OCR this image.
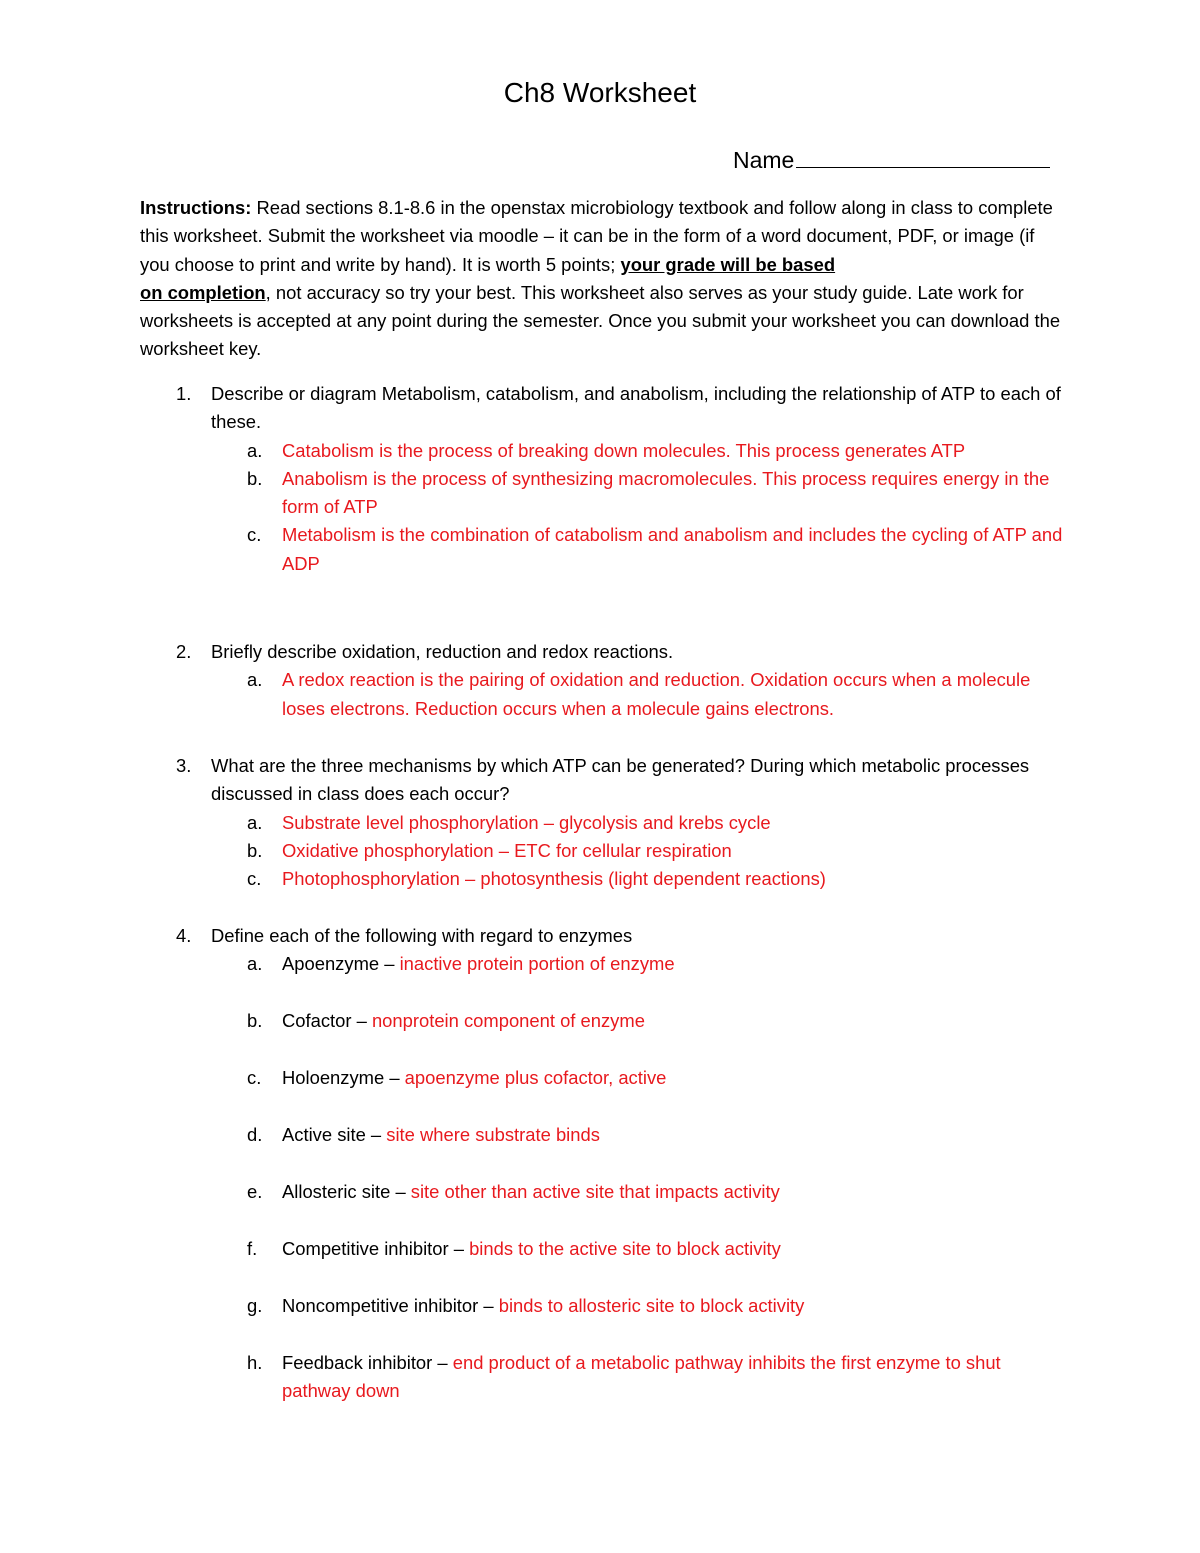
Ch8 Worksheet
Name
Instructions: Read sections 8.1-8.6 in the openstax microbiology textbook and follow along in class to complete this worksheet. Submit the worksheet via moodle – it can be in the form of a word document, PDF, or image (if you choose to print and write by hand). It is worth 5 points; your grade will be based
on completion, not accuracy so try your best. This worksheet also serves as your study guide. Late work for worksheets is accepted at any point during the semester. Once you submit your worksheet you can download the worksheet key.
1. Describe or diagram Metabolism, catabolism, and anabolism, including the relationship of ATP to each of these.
a. Catabolism is the process of breaking down molecules. This process generates ATP
b. Anabolism is the process of synthesizing macromolecules. This process requires energy in the form of ATP
c. Metabolism is the combination of catabolism and anabolism and includes the cycling of ATP and ADP
2. Briefly describe oxidation, reduction and redox reactions.
a. A redox reaction is the pairing of oxidation and reduction. Oxidation occurs when a molecule loses electrons. Reduction occurs when a molecule gains electrons.
3. What are the three mechanisms by which ATP can be generated? During which metabolic processes discussed in class does each occur?
a. Substrate level phosphorylation – glycolysis and krebs cycle
b. Oxidative phosphorylation – ETC for cellular respiration
c. Photophosphorylation – photosynthesis (light dependent reactions)
4. Define each of the following with regard to enzymes
a. Apoenzyme – inactive protein portion of enzyme
b. Cofactor – nonprotein component of enzyme
c. Holoenzyme – apoenzyme plus cofactor, active
d. Active site – site where substrate binds
e. Allosteric site – site other than active site that impacts activity
f. Competitive inhibitor – binds to the active site to block activity
g. Noncompetitive inhibitor – binds to allosteric site to block activity
h. Feedback inhibitor – end product of a metabolic pathway inhibits the first enzyme to shut pathway down
